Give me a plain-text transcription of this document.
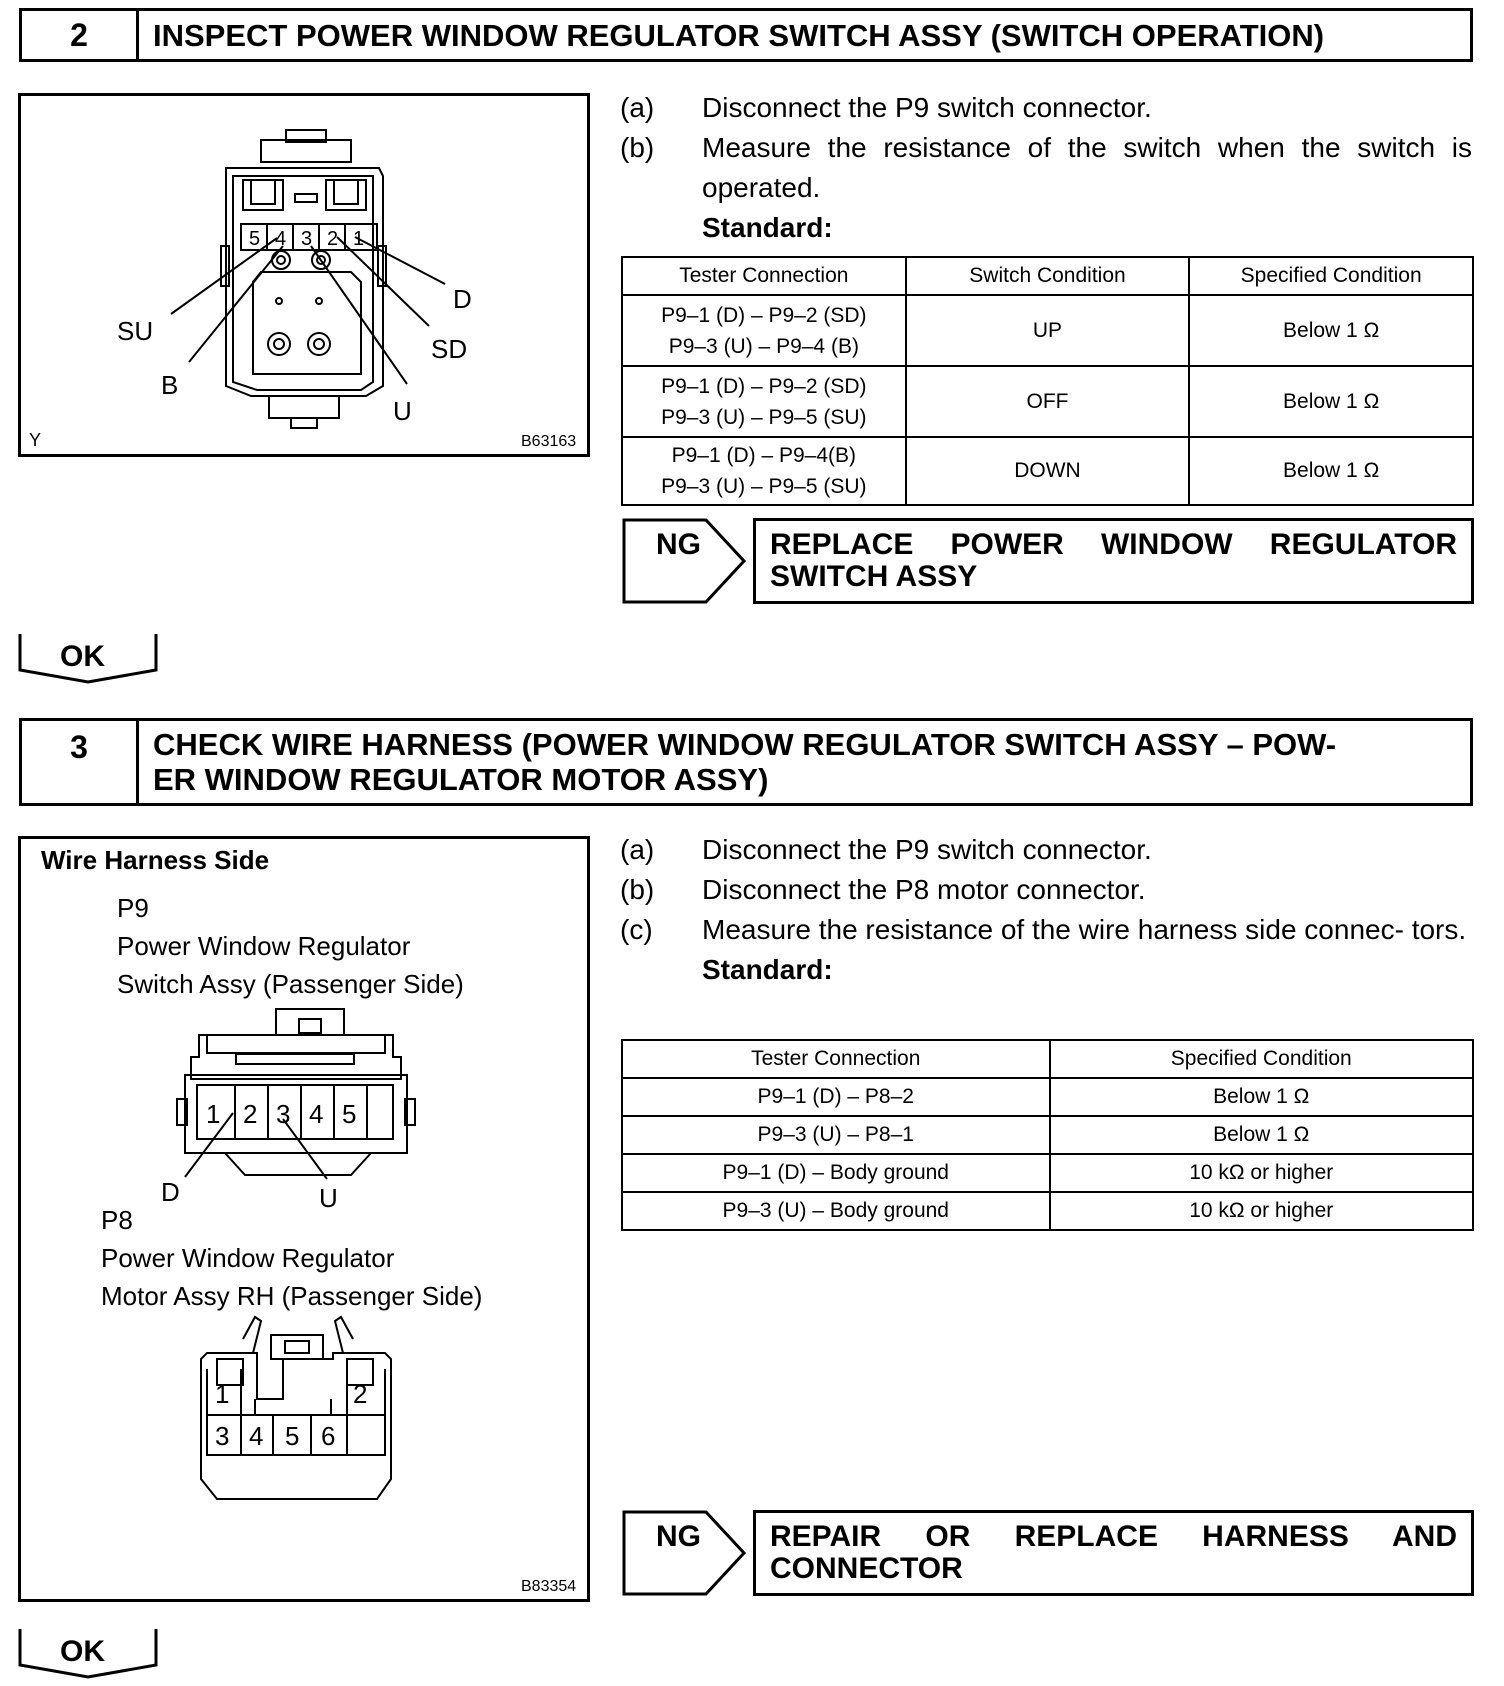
2	INSPECT POWER WINDOW REGULATOR SWITCH ASSY (SWITCH OPERATION)
5 4 3 2 1
D
SU
SD
B
U
Y	B63163
(a)	Disconnect the P9 switch connector.
(b)	Measure the resistance of the switch when the switch is operated.
Standard:
Tester Connection	Switch Condition	Specified Condition
P9–1 (D) – P9–2 (SD)
P9–3 (U) – P9–4 (B)	UP	Below 1 Ω
P9–1 (D) – P9–2 (SD)
P9–3 (U) – P9–5 (SU)	OFF	Below 1 Ω
P9–1 (D) – P9–4(B)
P9–3 (U) – P9–5 (SU)	DOWN	Below 1 Ω
NG REPLACE POWER WINDOW REGULATOR
SWITCH ASSY
OK
3	CHECK WIRE HARNESS (POWER WINDOW REGULATOR SWITCH ASSY – POW-
ER WINDOW REGULATOR MOTOR ASSY)
Wire Harness Side
P9
Power Window Regulator
Switch Assy (Passenger Side)
P8
Power Window Regulator
Motor Assy RH (Passenger Side)
1 2 3 4 5
D	U
1	2
3 4 5 6
B83354
(a)	Disconnect the P9 switch connector.
(b)	Disconnect the P8 motor connector.
(c)	Measure the resistance of the wire harness side connec- tors.
Standard:
Tester Connection	Specified Condition
P9–1 (D) – P8–2	Below 1 Ω
P9–3 (U) – P8–1	Below 1 Ω
P9–1 (D) – Body ground	10 kΩ or higher
P9–3 (U) – Body ground	10 kΩ or higher
NG REPAIR OR REPLACE HARNESS AND
CONNECTOR
OK
